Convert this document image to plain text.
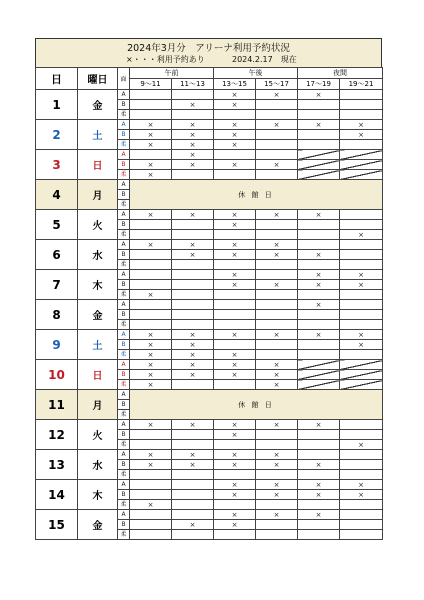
2024年3月分　アリーナ利用予約状況
×・・・利用予約あり	2024.2.17　現在
日	曜日	面	午前		午後		夜間	
			9～11	11～13	13～15	15～17	17～19	19～21
1	金	A			×	×	×	
		B		×	×			
		柔						
2	土	A	×	×	×	×	×	×
		B	×	×	×			×
		柔	×	×	×			
3	日	A		×				
		B	×	×	×	×		
		柔	×					
4	月	A	休 館 日					
		B						
		柔						
5	火	A	×	×	×	×	×	
		B			×			
		柔						×
6	水	A	×	×	×	×		
		B		×	×	×	×	
		柔						
7	木	A			×		×	×
		B			×	×	×	×
		柔	×					
8	金	A					×	
		B						
		柔						
9	土	A	×	×	×	×	×	×
		B	×	×				×
		柔	×	×	×			
10	日	A	×	×	×	×		
		B	×	×	×	×		
		柔	×			×		
11	月	A	休 館 日					
		B						
		柔						
12	火	A	×	×	×	×	×	
		B			×			
		柔						×
13	水	A	×	×	×	×		
		B	×	×	×	×	×	
		柔						
14	木	A			×	×	×	×
		B			×	×	×	×
		柔	×					
15	金	A			×	×	×	
		B		×	×			
		柔						
